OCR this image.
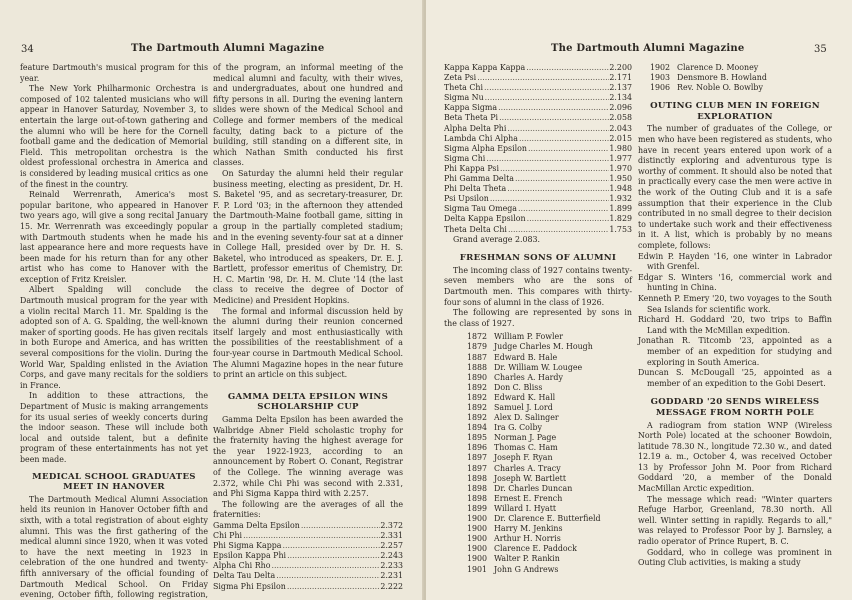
34	The Dartmouth Alumni Magazine

feature Dartmouth's musical program for this year.

The New York Philharmonic Orchestra is composed of 102 talented musicians who will appear in Hanover Saturday, November 3, to entertain the large out-of-town gathering and the alumni who will be here for the Cornell football game and the dedication of Memorial Field. This metropolitan orchestra is the oldest professional orchestra in America and is considered by leading musical critics as one of the finest in the country.

Reinald Werrenrath, America's most popular baritone, who appeared in Hanover two years ago, will give a song recital January 15. Mr. Werrenrath was exceedingly popular with Dartmouth students when he made his last appearance here and more requests have been made for his return than for any other artist who has come to Hanover with the exception of Fritz Kreisler.

Albert Spalding will conclude the Dartmouth musical program for the year with a violin recital March 11. Mr. Spalding is the adopted son of A. G. Spalding, the well-known maker of sporting goods. He has given recitals in both Europe and America, and has written several compositions for the violin. During the World War, Spalding enlisted in the Aviation Corps, and gave many recitals for the soldiers in France.

In addition to these attractions, the Department of Music is making arrangements for its usual series of weekly concerts during the indoor season. These will include both local and outside talent, but a definite program of these entertainments has not yet been made.

MEDICAL SCHOOL GRADUATES MEET IN HANOVER

The Dartmouth Medical Alumni Association held its reunion in Hanover October fifth and sixth, with a total registration of about eighty alumni. This was the first gathering of the medical alumni since 1920, when it was voted to have the next meeting in 1923 in celebration of the one hundred and twenty-fifth anniversary of the official founding of Dartmouth Medical School. On Friday evening, October fifth, following registration,

of the program, an informal meeting of the medical alumni and faculty, with their wives, and undergraduates, about one hundred and fifty persons in all. During the evening lantern slides were shown of the Medical School and College and former members of the medical faculty, dating back to a picture of the building, still standing on a different site, in which Nathan Smith conducted his first classes.

On Saturday the alumni held their regular business meeting, electing as president, Dr. H. S. Baketel '95, and as secretary-treasurer, Dr. F. P. Lord '03; in the afternoon they attended the Dartmouth-Maine football game, sitting in a group in the partially completed stadium; and in the evening seventy-four sat at a dinner in College Hall, presided over by Dr. H. S. Baketel, who introduced as speakers, Dr. E. J. Bartlett, professor emeritus of Chemistry, Dr. H. C. Martin '98, Dr. H. M. Clute '14 (the last class to receive the degree of Doctor of Medicine) and President Hopkins.

The formal and informal discussion held by the alumni during their reunion concerned itself largely and most enthusiastically with the possibilities of the reestablishment of a four-year course in Dartmouth Medical School. The Alumni Magazine hopes in the near future to print an article on this subject.

GAMMA DELTA EPSILON WINS SCHOLARSHIP CUP

Gamma Delta Epsilon has been awarded the Walbridge Abner Field scholastic trophy for the fraternity having the highest average for the year 1922-1923, according to an announcement by Robert O. Conant, Registrar of the College. The winning average was 2.372, while Chi Phi was second with 2.331, and Phi Sigma Kappa third with 2.257.

The following are the averages of all the fraternities:

Gamma Delta Epsilon .....	2.372
Chi Phi .....	2.331
Phi Sigma Kappa .....	2.257
Epsilon Kappa Phi .....	2.243
Alpha Chi Rho .....	2.233
Delta Tau Delta .....	2.231
Sigma Phi Epsilon .....	2.222
The Dartmouth Alumni Magazine	35
Kappa Kappa Kappa .....	2.200
Zeta Psi .....	2.171
Theta Chi .....	2.137
Sigma Nu .....	2.134
Kappa Sigma .....	2.096
Beta Theta Pi .....	2.058
Alpha Delta Phi .....	2.043
Lambda Chi Alpha .....	2.015
Sigma Alpha Epsilon .....	1.980
Sigma Chi .....	1.977
Phi Kappa Psi .....	1.970
Phi Gamma Delta .....	1.950
Phi Delta Theta .....	1.948
Psi Upsilon .....	1.932
Sigma Tau Omega .....	1.899
Delta Kappa Epsilon .....	1.829
Theta Delta Chi .....	1.753

Grand average 2.083.

FRESHMAN SONS OF ALUMNI

The incoming class of 1927 contains twenty-seven members who are the sons of Dartmouth men. This compares with thirty-four sons of alumni in the class of 1926.

The following are represented by sons in the class of 1927.

1872 William P. Fowler
1879 Judge Charles M. Hough
1887 Edward B. Hale
1888 Dr. William W. Lougee
1890 Charles A. Hardy
1892 Don C. Bliss
1892 Edward K. Hall
1892 Samuel J. Lord
1892 Alex D. Salinger
1894 Ira G. Colby
1895 Norman J. Page
1896 Thomas C. Ham
1897 Joseph F. Ryan
1897 Charles A. Tracy
1898 Joseph W. Bartlett
1898 Dr. Charles Duncan
1898 Ernest E. French
1899 Willard I. Hyatt
1900 Dr. Clarence E. Butterfield
1900 Harry M. Jenkins
1900 Arthur H. Norris
1900 Clarence E. Paddock
1900 Walter P. Rankin
1901 John G Andrews
1902 Clarence D. Mooney
1903 Densmore B. Howland
1906 Rev. Noble O. Bowlby
OUTING CLUB MEN IN FOREIGN EXPLORATION

The number of graduates of the College, or men who have been registered as students, who have in recent years entered upon work of a distinctly exploring and adventurous type is worthy of comment. It should also be noted that in practically every case the men were active in the work of the Outing Club and it is a safe assumption that their experience in the Club contributed in no small degree to their decision to undertake such work and their effectiveness in it. A list, which is probably by no means complete, follows:

Edwin P. Hayden '16, one winter in Labrador with Grenfel.

Edgar S. Winters '16, commercial work and hunting in China.

Kenneth P. Emery '20, two voyages to the South Sea Islands for scientific work.

Richard H. Goddard '20, two trips to Baffin Land with the McMillan expedition.

Jonathan R. Titcomb '23, appointed as a member of an expedition for studying and exploring in South America.

Duncan S. McDougall '25, appointed as a member of an expedition to the Gobi Desert.

GODDARD '20 SENDS WIRELESS MESSAGE FROM NORTH POLE

A radiogram from station WNP (Wireless North Pole) located at the schooner Bowdoin, latitude 78.30 N., longitude 72.30 w., and dated 12.19 a. m., October 4, was received October 13 by Professor John M. Poor from Richard Goddard '20, a member of the Donald MacMillan Arctic expedition.

The message which read: "Winter quarters Refuge Harbor, Greenland, 78.30 north. All well. Winter setting in rapidly. Regards to all," was relayed to Professor Poor by J. Barnsley, a radio operator of Prince Rupert, B. C.

Goddard, who in college was prominent in Outing Club activities, is making a study
